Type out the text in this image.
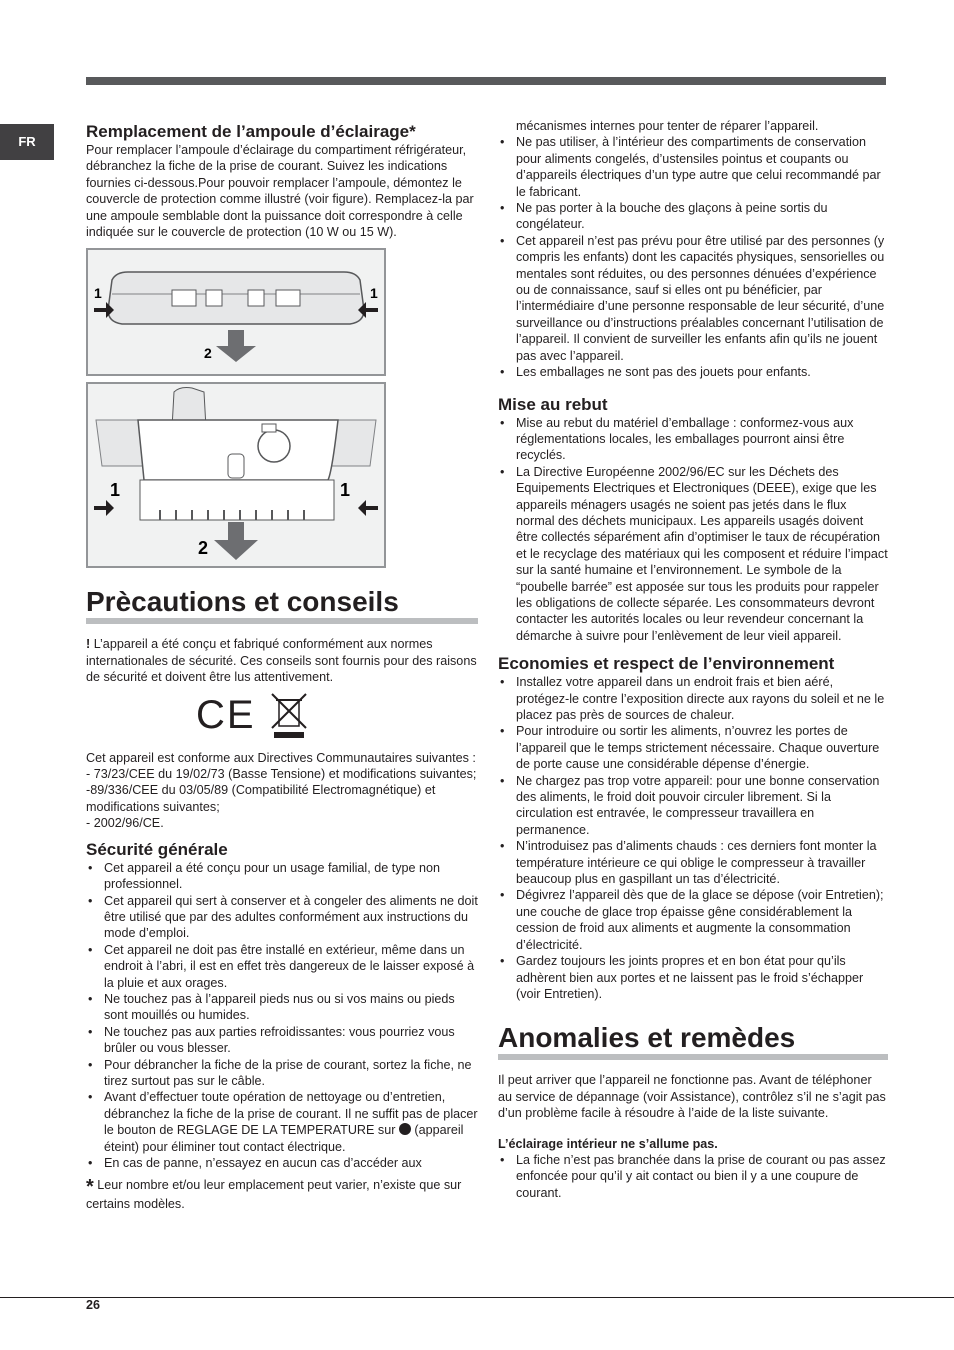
FR
Remplacement de l’ampoule d’éclairage*

Pour remplacer l’ampoule d’éclairage du compartiment réfrigérateur, débranchez la fiche de la prise de courant. Suivez les indications fournies ci-dessous.Pour pouvoir remplacer l’ampoule, démontez le couvercle de protection comme illustré (voir figure). Remplacez-la par une ampoule semblable dont la puissance doit correspondre à celle indiquée sur le couvercle de protection (10 W ou 15 W).

1	1
2
1	1
2
Prècautions et conseils

! L’appareil a été conçu et fabriqué conformément aux normes internationales de sécurité. Ces conseils sont fournis pour des raisons de sécurité et doivent être lus attentivement.

CE

Cet appareil est conforme aux Directives Communautaires suivantes :

- 73/23/CEE du 19/02/73 (Basse Tensione) et modifications suivantes;

-89/336/CEE du 03/05/89 (Compatibilité Electromagnétique) et modifications suivantes;

- 2002/96/CE.

Sécurité générale
• Cet appareil a été conçu pour un usage familial, de type non professionnel.
• Cet appareil qui sert à conserver et à congeler des aliments ne doit être utilisé que par des adultes conformément aux instructions du mode d’emploi.
• Cet appareil ne doit pas être installé en extérieur, même dans un endroit à l’abri, il est en effet très dangereux de le laisser exposé à la pluie et aux orages.
• Ne touchez pas à l’appareil pieds nus ou si vos mains ou pieds sont mouillés ou humides.
• Ne touchez pas aux parties refroidissantes: vous pourriez vous brûler ou vous blesser.
• Pour débrancher la fiche de la prise de courant, sortez la fiche, ne tirez surtout pas sur le câble.
• Avant d’effectuer toute opération de nettoyage ou d’entretien, débranchez la fiche de la prise de courant. Il ne suffit pas de placer le bouton de REGLAGE DE LA TEMPERATURE sur  (appareil éteint) pour éliminer tout contact électrique.
• En cas de panne, n’essayez en aucun cas d’accéder aux

* Leur nombre et/ou leur emplacement peut varier, n’existe que sur certains modèles.

mécanismes internes pour tenter de réparer l’appareil.

• Ne pas utiliser, à l’intérieur des compartiments de conservation pour aliments congelés, d’ustensiles pointus et coupants ou d’appareils électriques d’un type autre que celui recommandé par le fabricant.
• Ne pas porter à la bouche des glaçons à peine sortis du congélateur.
• Cet appareil n’est pas prévu pour être utilisé par des personnes (y compris les enfants) dont les capacités physiques, sensorielles ou mentales sont réduites, ou des personnes dénuées d’expérience ou de connaissance, sauf si elles ont pu bénéficier, par l’intermédiaire d’une personne responsable de leur sécurité, d’une surveillance ou d’instructions préalables concernant l’utilisation de l’appareil. Il convient de surveiller les enfants afin qu’ils ne jouent pas avec l’appareil.
• Les emballages ne sont pas des jouets pour enfants.
Mise au rebut
• Mise au rebut du matériel d’emballage : conformez-vous aux réglementations locales, les emballages pourront ainsi être recyclés.
• La Directive Européenne 2002/96/EC sur les Déchets des Equipements Electriques et Electroniques (DEEE), exige que les appareils ménagers usagés ne soient pas jetés dans le flux normal des déchets municipaux. Les appareils usagés doivent être collectés séparément afin d’optimiser le taux de récupération et le recyclage des matériaux qui les composent et réduire l’impact sur la santé humaine et l’environnement. Le symbole de la “poubelle barrée” est apposée sur tous les produits pour rappeler les obligations de collecte séparée. Les consommateurs devront contacter les autorités locales ou leur revendeur concernant la démarche à suivre pour l’enlèvement de leur vieil appareil.
Economies et respect de l’environnement
• Installez votre appareil dans un endroit frais et bien aéré, protégez-le contre l’exposition directe aux rayons du soleil et ne le placez pas près de sources de chaleur.
• Pour introduire ou sortir les aliments, n’ouvrez les portes de l’appareil que le temps strictement nécessaire. Chaque ouverture de porte cause une considérable dépense d’énergie.
• Ne chargez pas trop votre appareil: pour une bonne conservation des aliments, le froid doit pouvoir circuler librement. Si la circulation est entravée, le compresseur travaillera en permanence.
• N’introduisez pas d’aliments chauds : ces derniers font monter la température intérieure ce qui oblige le compresseur à travailler beaucoup plus en gaspillant un tas d’électricité.
• Dégivrez l’appareil dès que de la glace se dépose (voir Entretien); une couche de glace trop épaisse gêne considérablement la cession de froid aux aliments et augmente la consommation d’électricité.
• Gardez toujours les joints propres et en bon état pour qu’ils adhèrent bien aux portes et ne laissent pas le froid s’échapper (voir Entretien).
Anomalies et remèdes

Il peut arriver que l’appareil ne fonctionne pas. Avant de téléphoner au service de dépannage (voir Assistance), contrôlez s’il ne s’agit pas d’un problème facile à résoudre à l’aide de la liste suivante.

L’éclairage intérieur ne s’allume pas.

• La fiche n’est pas branchée dans la prise de courant ou pas assez enfoncée pour qu’il y ait contact ou bien il y a une coupure de courant.
26
